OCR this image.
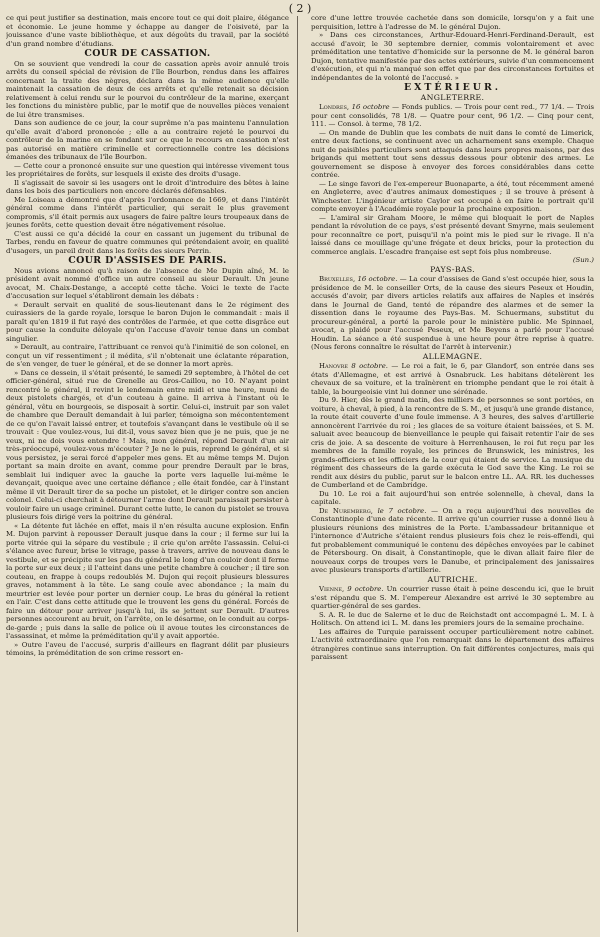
( 2 )

ce qui peut justifier sa destination, mais encore tout ce qui doit plaire, élégance et économie. Le jeune homme y échappe au danger de l'oisiveté, par la jouissance d'une vaste bibliothèque, et aux dégoûts du travail, par la société d'un grand nombre d'étudians.

COUR DE CASSATION.

On se souvient que vendredi la cour de cassation après avoir annulé trois arrêts du conseil spécial de révision de l'île Bourbon, rendus dans les affaires concernant la traite des nègres, déclara dans la même audience qu'elle maintenait la cassation de deux de ces arrêts et qu'elle retenait sa décision relativement à celui rendu sur le pourvoi du contrôleur de la marine, exerçant les fonctions du ministère public, par le motif que de nouvelles pièces venaient de lui être transmises.

Dans son audience de ce jour, la cour suprême n'a pas maintenu l'annulation qu'elle avait d'abord prononcée ; elle a au contraire rejeté le pourvoi du contrôleur de la marine en se fondant sur ce que le recours en cassation n'est pas autorisé en matière criminelle et correctionnelle contre les décisions émanées des tribunaux de l'île Bourbon.

— Cette cour a prononcé ensuite sur une question qui intéresse vivement tous les propriétaires de forêts, sur lesquels il existe des droits d'usage.

Il s'agissait de savoir si les usagers ont le droit d'introduire des bêtes à laine dans les bois des particuliers non encore déclarés défensables.

Me Loiseau a démontré que d'après l'ordonnance de 1669, et dans l'intérêt général comme dans l'intérêt particulier, qui serait le plus gravement compromis, s'il était permis aux usagers de faire paître leurs troupeaux dans de jeunes forêts, cette question devait être négativement résolue.

C'est aussi ce qu'a décidé la cour en cassant un jugement du tribunal de Tarbes, rendu en faveur de quatre communes qui prétendaient avoir, en qualité d'usagers, un pareil droit dans les forêts des sieurs Perrin.

COUR D'ASSISES DE PARIS.

Nous avions annoncé qu'à raison de l'absence de Me Dupin aîné, M. le président avait nommé d'office un autre conseil au sieur Derault. Un jeune avocat, M. Chaix-Destange, a accepté cette tâche. Voici le texte de l'acte d'accusation sur lequel s'établiront demain les débats :

« Derault servait en qualité de sous-lieutenant dans le 2e régiment des cuirassiers de la garde royale, lorsque le baron Dujon le commandait : mais il paraît qu'en 1819 il fut rayé des contrôles de l'armée, et que cette disgrâce eut pour cause la conduite déloyale qu'on l'accuse d'avoir tenue dans un combat singulier.

» Derault, au contraire, l'attribuant ce renvoi qu'à l'inimitié de son colonel, en conçut un vif ressentiment ; il médita, s'il n'obtenait une éclatante réparation, de s'en venger, de tuer le général, et de se donner la mort après.

» Dans ce dessein, il s'était présenté, le samedi 29 septembre, à l'hôtel de cet officier-général, situé rue de Grenelle au Gros-Caillou, no 10. N'ayant point rencontré le général, il revint le lendemain entre midi et une heure, muni de deux pistolets chargés, et d'un couteau à gaine. Il arriva à l'instant où le général, vêtu en bourgeois, se disposait à sortir. Celui-ci, instruit par son valet de chambre que Derault demandait à lui parler, témoigna son mécontentement de ce qu'on l'avait laissé entrer, et toutefois s'avançant dans le vestibule où il se trouvait : Que voulez-vous, lui dit-il, vous savez bien que je ne puis, que je ne veux, ni ne dois vous entendre ! Mais, mon général, répond Derault d'un air très-préoccupé, voulez-vous m'écouter ? Je ne le puis, reprend le général, et si vous persistez, je serai forcé d'appeler mes gens. Et au même temps M. Dujon portant sa main droite en avant, comme pour prendre Derault par le bras, semblait lui indiquer avec la gauche la porte vers laquelle lui-même le devançait, quoique avec une certaine défiance ; elle était fondée, car à l'instant même il vit Derault tirer de sa poche un pistolet, et le diriger contre son ancien colonel. Celui-ci cherchait à détourner l'arme dont Derault paraissait persister à vouloir faire un usage criminel. Durant cette lutte, le canon du pistolet se trouva plusieurs fois dirigé vers la poitrine du général.

« La détente fut lâchée en effet, mais il n'en résulta aucune explosion. Enfin M. Dujon parvint à repousser Derault jusque dans la cour ; il ferme sur lui la porte vitrée qui la sépare du vestibule ; il crie qu'on arrête l'assassin. Celui-ci s'élance avec fureur, brise le vitrage, passe à travers, arrive de nouveau dans le vestibule, et se précipite sur les pas du général le long d'un couloir dont il ferme la porte sur eux deux ; il l'atteint dans une petite chambre à coucher ; il tire son couteau, en frappe à coups redoublés M. Dujon qui reçoit plusieurs blessures graves, notamment à la tête. Le sang coule avec abondance ; la main du meurtrier est levée pour porter un dernier coup. Le bras du général la retient en l'air. C'est dans cette attitude que le trouvent les gens du général. Forcés de faire un détour pour arriver jusqu'à lui, ils se jettent sur Derault. D'autres personnes accourent au bruit, on l'arrête, on le désarme, on le conduit au corps-de-garde ; puis dans la salle de police où il avoue toutes les circonstances de l'assassinat, et même la préméditation qu'il y avait apportée.

» Outre l'aveu de l'accusé, surpris d'ailleurs en flagrant délit par plusieurs témoins, la préméditation de son crime ressort en-

core d'une lettre trouvée cachetée dans son domicile, lorsqu'on y a fait une perquisition, lettre à l'adresse de M. le général Dujon.

» Dans ces circonstances, Arthur-Edouard-Henri-Ferdinand-Derault, est accusé d'avoir, le 30 septembre dernier, commis volontairement et avec préméditation une tentative d'homicide sur la personne de M. le général baron Dujon, tentative manifestée par des actes extérieurs, suivie d'un commencement d'exécution, et qui n'a manqué son effet que par des circonstances fortuites et indépendantes de la volonté de l'accusé. »

EXTÉRIEUR.
ANGLETERRE.

Londres, 16 octobre — Fonds publics. — Trois pour cent red., 77 1/4. — Trois pour cent consolidés, 78 1/8. — Quatre pour cent, 96 1/2. — Cinq pour cent, 111. — Consol. à terme, 78 1/2.

— On mande de Dublin que les combats de nuit dans le comté de Limerick, entre deux factions, se continuent avec un acharnement sans exemple. Chaque nuit de paisibles particuliers sont attaqués dans leurs propres maisons, par des brigands qui mettent tout sens dessus dessous pour obtenir des armes. Le gouvernement se dispose à envoyer des forces considérables dans cette contrée.

— Le singe favori de l'ex-empereur Buonaparte, a été, tout récemment amené en Angleterre, avec d'autres animaux domestiques ; il se trouve à présent à Winchester. L'ingénieur artiste Caylor est occupé à en faire le portrait qu'il compte envoyer à l'Académie royale pour la prochaine exposition.

— L'amiral sir Graham Moore, le même qui bloquait le port de Naples pendant la révolution de ce pays, s'est présenté devant Smyrne, mais seulement pour reconnaître ce port, puisqu'il n'a point mis le pied sur le rivage. Il n'a laissé dans ce mouillage qu'une frégate et deux bricks, pour la protection du commerce anglais. L'escadre française est sept fois plus nombreuse.

(Sun.)
PAYS-BAS.

Bruxelles, 16 octobre. — La cour d'assises de Gand s'est occupée hier, sous la présidence de M. le conseiller Orts, de la cause des sieurs Peseux et Houdin, accusés d'avoir, par divers articles relatifs aux affaires de Naples et insérés dans le Journal de Gand, tenté de répandre des alarmes et de semer la dissention dans le royaume des Pays-Bas. M. Schuermans, substitut du procureur-général, a porté la parole pour le ministère public. Me Spinnael, avocat, a plaidé pour l'accusé Peseux, et Me Beyens a parlé pour l'accusé Houdin. La séance a été suspendue à une heure pour être reprise à quatre. (Nous ferons connaître le résultat de l'arrêt à intervenir.)

ALLEMAGNE.

Hanovre 8 octobre. — Le roi a fait, le 6, par Glandorf, son entrée dans ses états d'Allemagne, et est arrivé à Osnabruck. Les habitans dételèrent les chevaux de sa voiture, et la traînèrent en triomphe pendant que le roi était à table, la bourgeoisie vint lui donner une sérénade.

Du 9. Hier, dès le grand matin, des milliers de personnes se sont portées, en voiture, à cheval, à pied, à la rencontre de S. M., et jusqu'à une grande distance, la route était couverte d'une foule immense. A 3 heures, des salves d'artillerie annoncèrent l'arrivée du roi ; les glaces de sa voiture étaient baissées, et S. M. saluait avec beaucoup de bienveillance le peuple qui faisait retentir l'air de ses cris de joie. A sa descente de voiture à Herrenhausen, le roi fut reçu par les membres de la famille royale, les princes de Brunswick, les ministres, les grands-officiers et les officiers de la cour qui étaient de service. La musique du régiment des chasseurs de la garde exécuta le God save the King. Le roi se rendit aux désirs du public, parut sur le balcon entre LL. AA. RR. les duchesses de Cumberland et de Cambridge.

Du 10. Le roi a fait aujourd'hui son entrée solennelle, à cheval, dans la capitale.

De Nuremberg, le 7 octobre. — On a reçu aujourd'hui des nouvelles de Constantinople d'une date récente. Il arrive qu'un courrier russe a donné lieu à plusieurs réunions des ministres de la Porte. L'ambassadeur britannique et l'internonce d'Autriche s'étaient rendus plusieurs fois chez le reis-effendi, qui fut probablement communiqué le contenu des dépêches envoyées par le cabinet de Pétersbourg. On disait, à Constantinople, que le divan allait faire filer de nouveaux corps de troupes vers le Danube, et principalement des janissaires avec plusieurs transports d'artillerie.

AUTRICHE.

Vienne, 9 octobre. Un courrier russe était à peine descendu ici, que le bruit s'est répandu que S. M. l'empereur Alexandre est arrivé le 30 septembre au quartier-général de ses gardes.

S. A. R. le duc de Salerne et le duc de Reichstadt ont accompagné L. M. I. à Holitsch. On attend ici L. M. dans les premiers jours de la semaine prochaine.

Les affaires de Turquie paraissent occuper particulièrement notre cabinet. L'activité extraordinaire que l'on remarquait dans le département des affaires étrangères continue sans interruption. On fait différentes conjectures, mais qui paraissent
